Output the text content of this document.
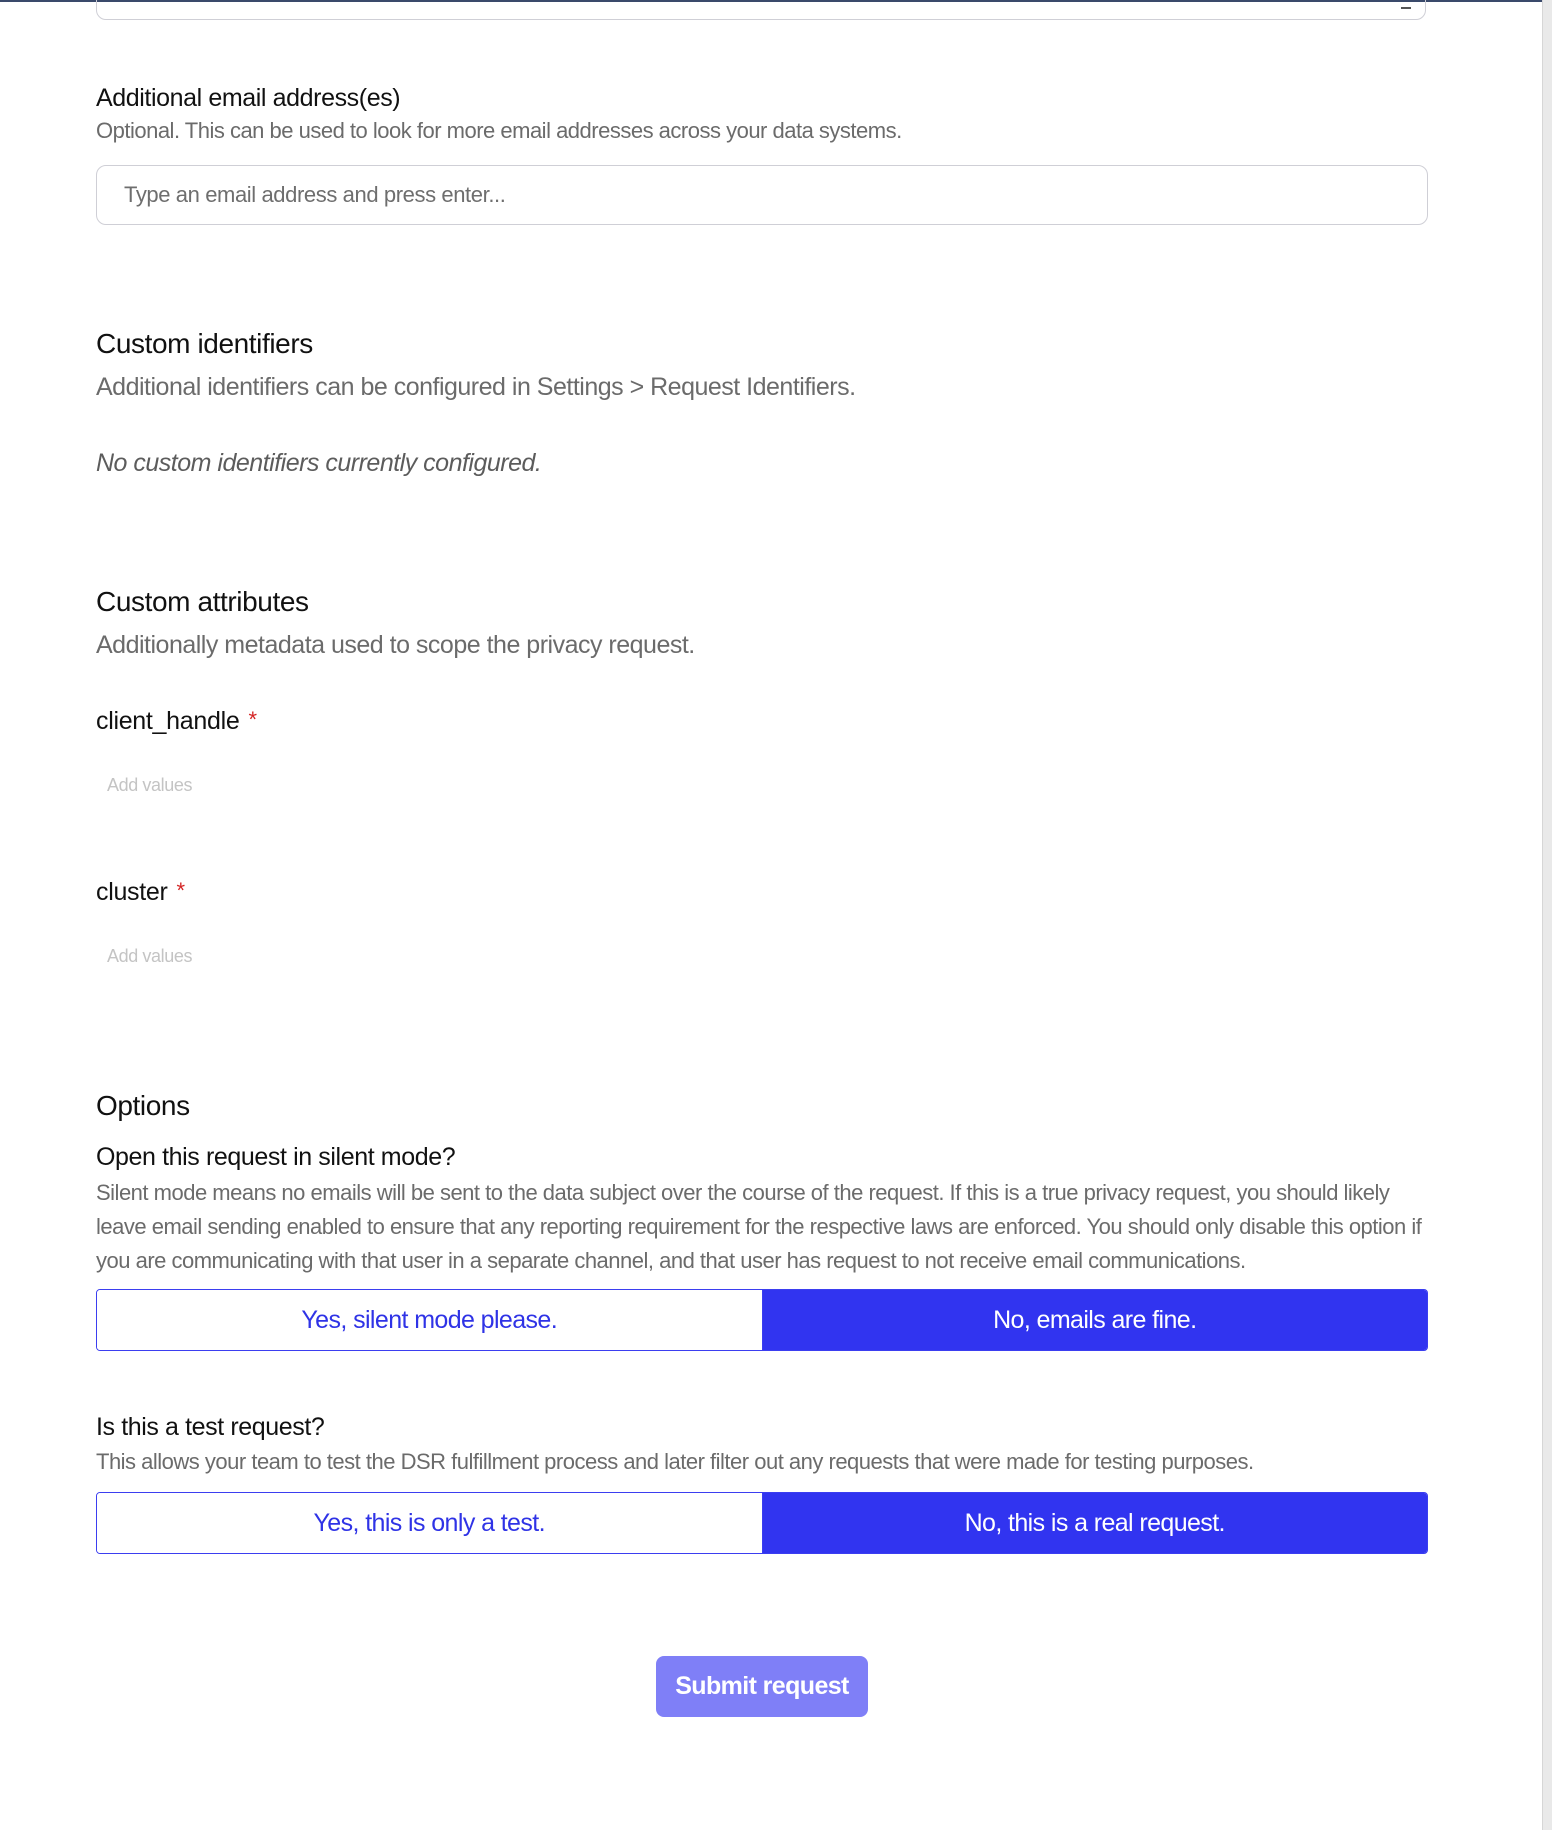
Additional email address(es)
Optional. This can be used to look for more email addresses across your data systems.
Type an email address and press enter...
Custom identifiers
Additional identifiers can be configured in Settings > Request Identifiers.
No custom identifiers currently configured.
Custom attributes
Additionally metadata used to scope the privacy request.
client_handle *
Add values
cluster *
Add values
Options
Open this request in silent mode?
Silent mode means no emails will be sent to the data subject over the course of the request. If this is a true privacy request, you should likely leave email sending enabled to ensure that any reporting requirement for the respective laws are enforced. You should only disable this option if you are communicating with that user in a separate channel, and that user has request to not receive email communications.
Yes, silent mode please.	No, emails are fine.
Is this a test request?
This allows your team to test the DSR fulfillment process and later filter out any requests that were made for testing purposes.
Yes, this is only a test.	No, this is a real request.
Submit request
